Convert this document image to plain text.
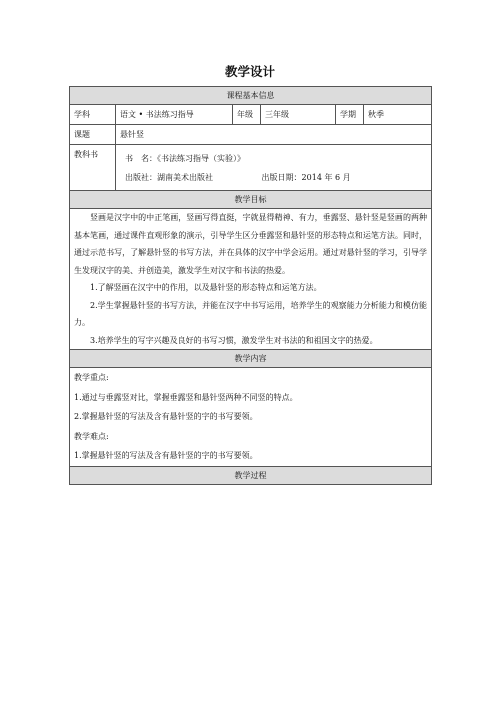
教学设计
课程基本信息					
学科	语文 • 书法练习指导	年级	三年级	学期	秋季
课题	悬针竖				
教科书	书　名：《书法练习指导（实验）》
出版社：湖南美术出版社 出版日期：2014 年 6 月				

教学目标					

竖画是汉字中的中正笔画，竖画写得直挺，字就显得精神、有力，垂露竖、悬针竖是竖画的两种基本笔画，通过课件直观形象的演示，引导学生区分垂露竖和悬针竖的形态特点和运笔方法。同时，通过示范书写，了解悬针竖的书写方法，并在具体的汉字中学会运用。通过对悬针竖的学习，引导学生发现汉字的美、并创造美，激发学生对汉字和书法的热爱。

1.了解竖画在汉字中的作用，以及悬针竖的形态特点和运笔方法。

2.学生掌握悬针竖的书写方法，并能在汉字中书写运用，培养学生的观察能力分析能力和模仿能力。

3.培养学生的写字兴趣及良好的书写习惯，激发学生对书法的和祖国文字的热爱。					

教学内容					

教学重点:

1.通过与垂露竖对比，掌握垂露竖和悬针竖两种不同竖的特点。

2.掌握悬针竖的写法及含有悬针竖的字的书写要领。

教学难点:

1.掌握悬针竖的写法及含有悬针竖的字的书写要领。					

教学过程					
